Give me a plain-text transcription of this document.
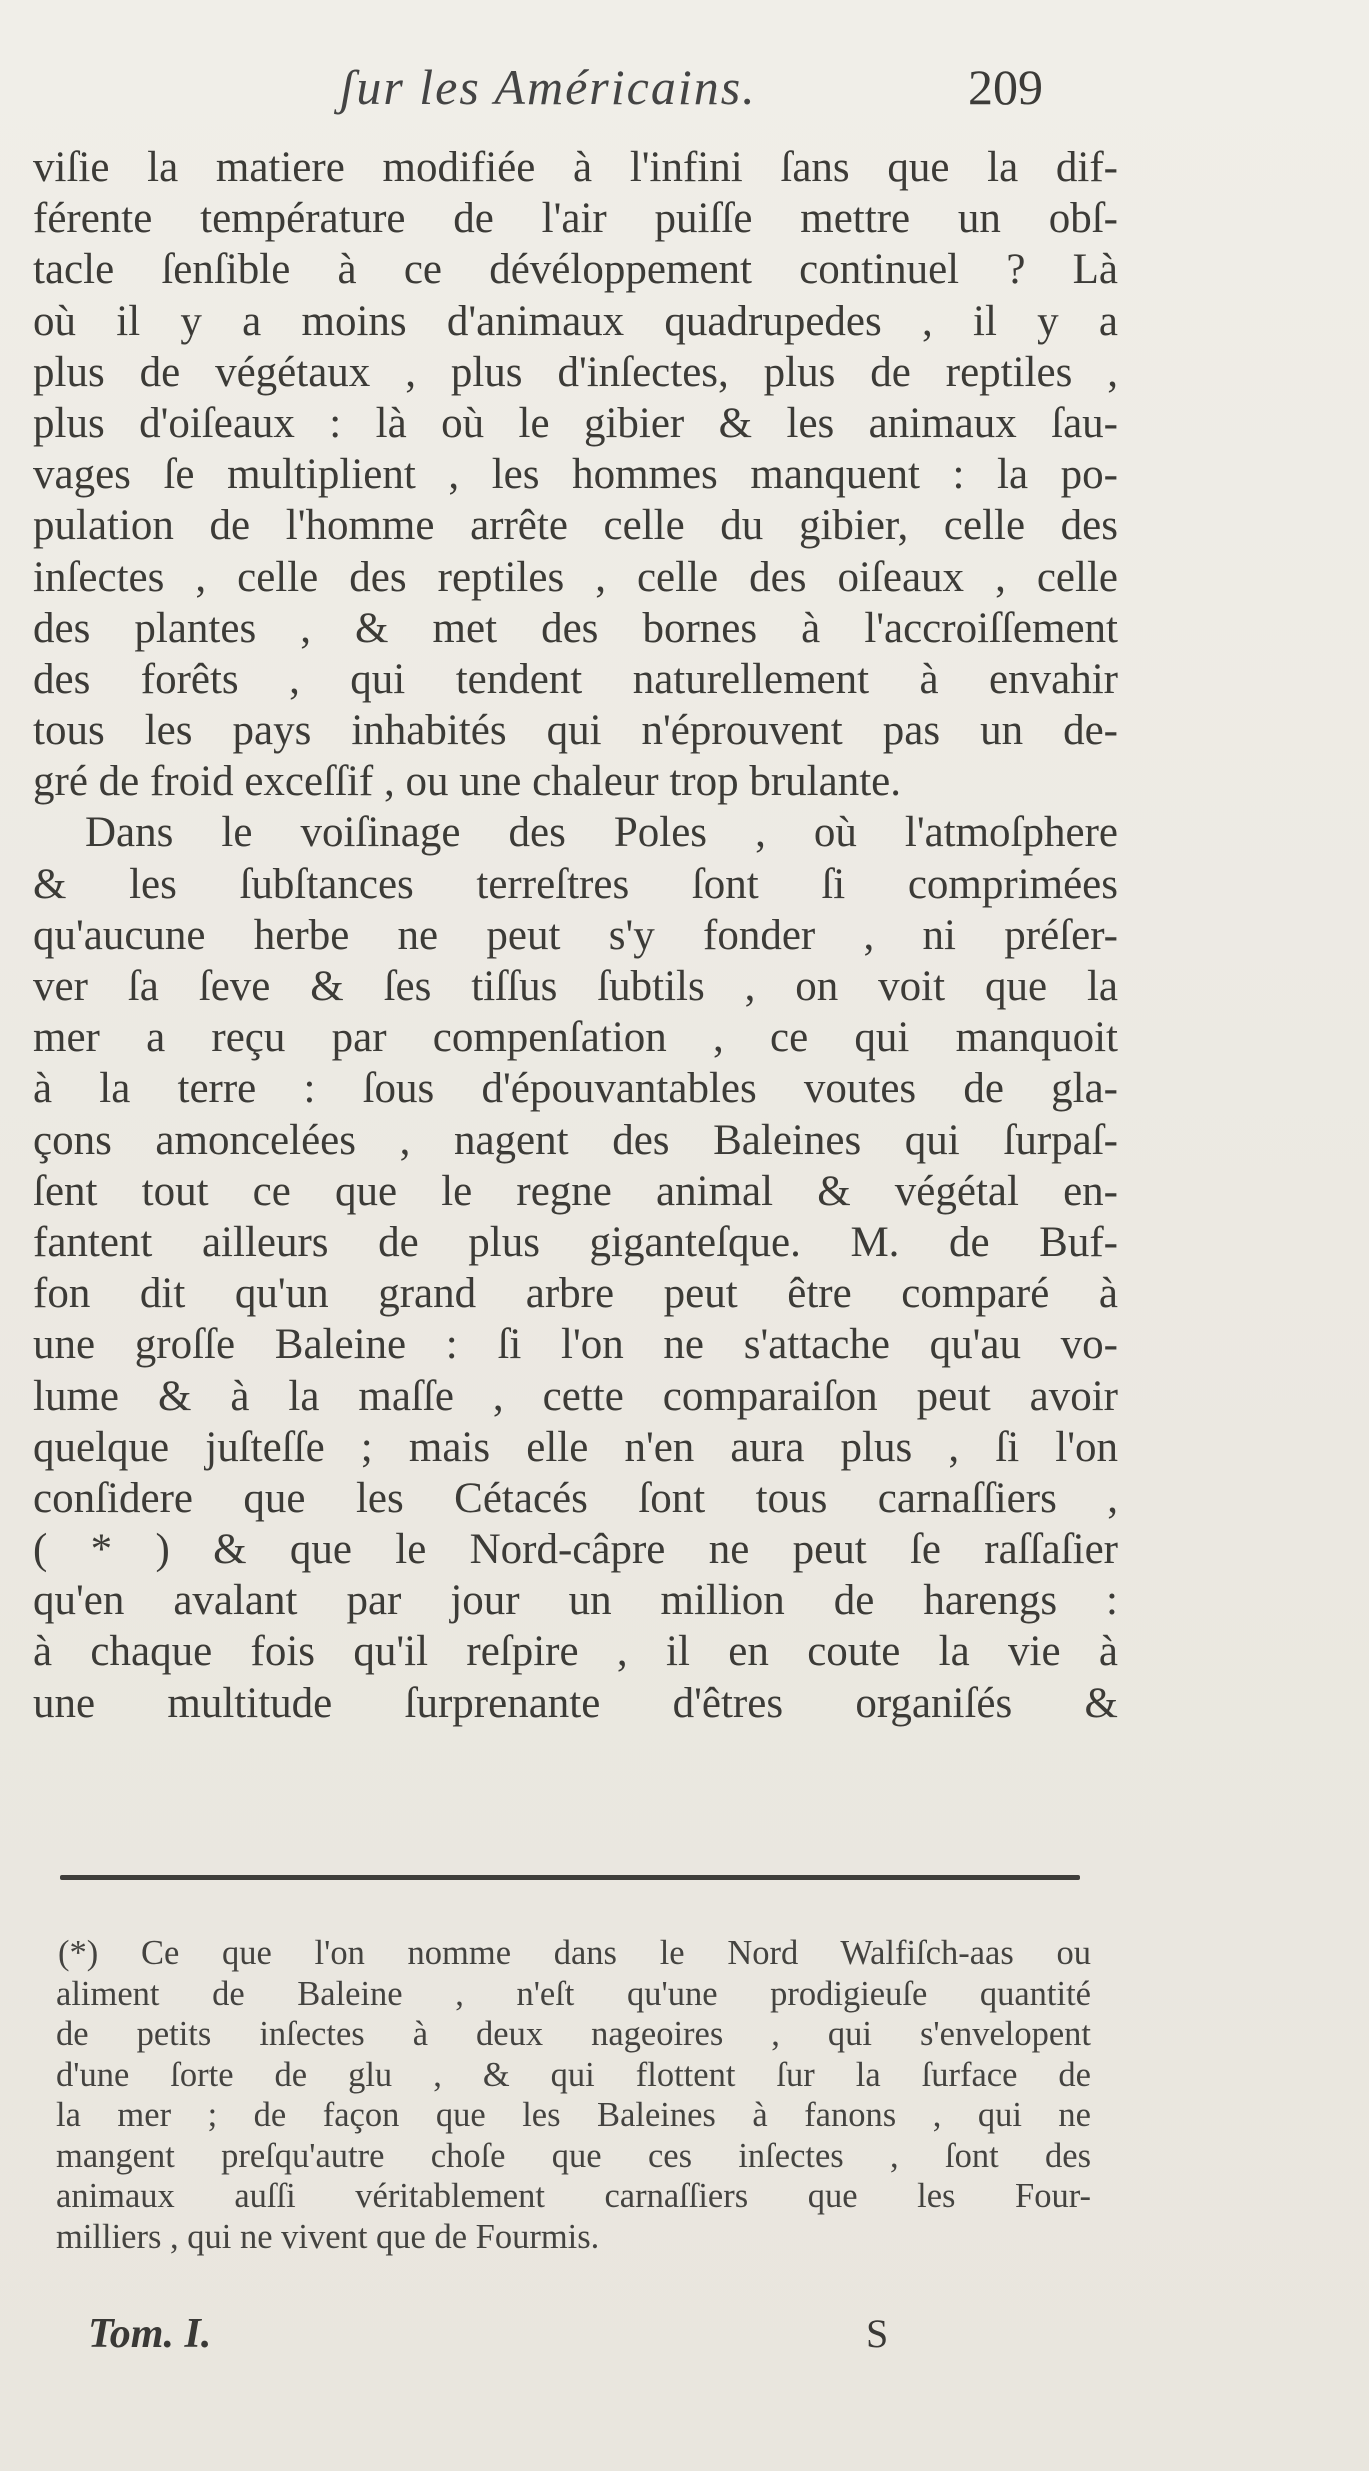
ʃur les Américains.	209
viſie la matiere modifiée à l'infini ſans que la dif-
férente température de l'air puiſſe mettre un obſ-
tacle ſenſible à ce dévéloppement continuel ? Là
où il y a moins d'animaux quadrupedes , il y a
plus de végétaux , plus d'inſectes, plus de reptiles ,
plus d'oiſeaux : là où le gibier & les animaux ſau-
vages ſe multiplient , les hommes manquent : la po-
pulation de l'homme arrête celle du gibier, celle des
inſectes , celle des reptiles , celle des oiſeaux , celle
des plantes , & met des bornes à l'accroiſſement
des forêts , qui tendent naturellement à envahir
tous les pays inhabités qui n'éprouvent pas un de-
gré de froid exceſſif , ou une chaleur trop brulante.
Dans le voiſinage des Poles , où l'atmoſphere
& les ſubſtances terreſtres ſont ſi comprimées
qu'aucune herbe ne peut s'y fonder , ni préſer-
ver ſa ſeve & ſes tiſſus ſubtils , on voit que la
mer a reçu par compenſation , ce qui manquoit
à la terre : ſous d'épouvantables voutes de gla-
çons amoncelées , nagent des Baleines qui ſurpaſ-
ſent tout ce que le regne animal & végétal en-
fantent ailleurs de plus giganteſque. M. de Buf-
fon dit qu'un grand arbre peut être comparé à
une groſſe Baleine : ſi l'on ne s'attache qu'au vo-
lume & à la maſſe , cette comparaiſon peut avoir
quelque juſteſſe ; mais elle n'en aura plus , ſi l'on
conſidere que les Cétacés ſont tous carnaſſiers ,
( * ) & que le Nord-câpre ne peut ſe raſſaſier
qu'en avalant par jour un million de harengs :
à chaque fois qu'il reſpire , il en coute la vie à
une multitude ſurprenante d'êtres organiſés &
(*) Ce que l'on nomme dans le Nord Walfiſch-aas ou
aliment de Baleine , n'eſt qu'une prodigieuſe quantité
de petits inſectes à deux nageoires , qui s'envelopent
d'une ſorte de glu , & qui flottent ſur la ſurface de
la mer ; de façon que les Baleines à fanons , qui ne
mangent preſqu'autre choſe que ces inſectes , ſont des
animaux auſſi véritablement carnaſſiers que les Four-
milliers , qui ne vivent que de Fourmis.
Tom. I.	S
